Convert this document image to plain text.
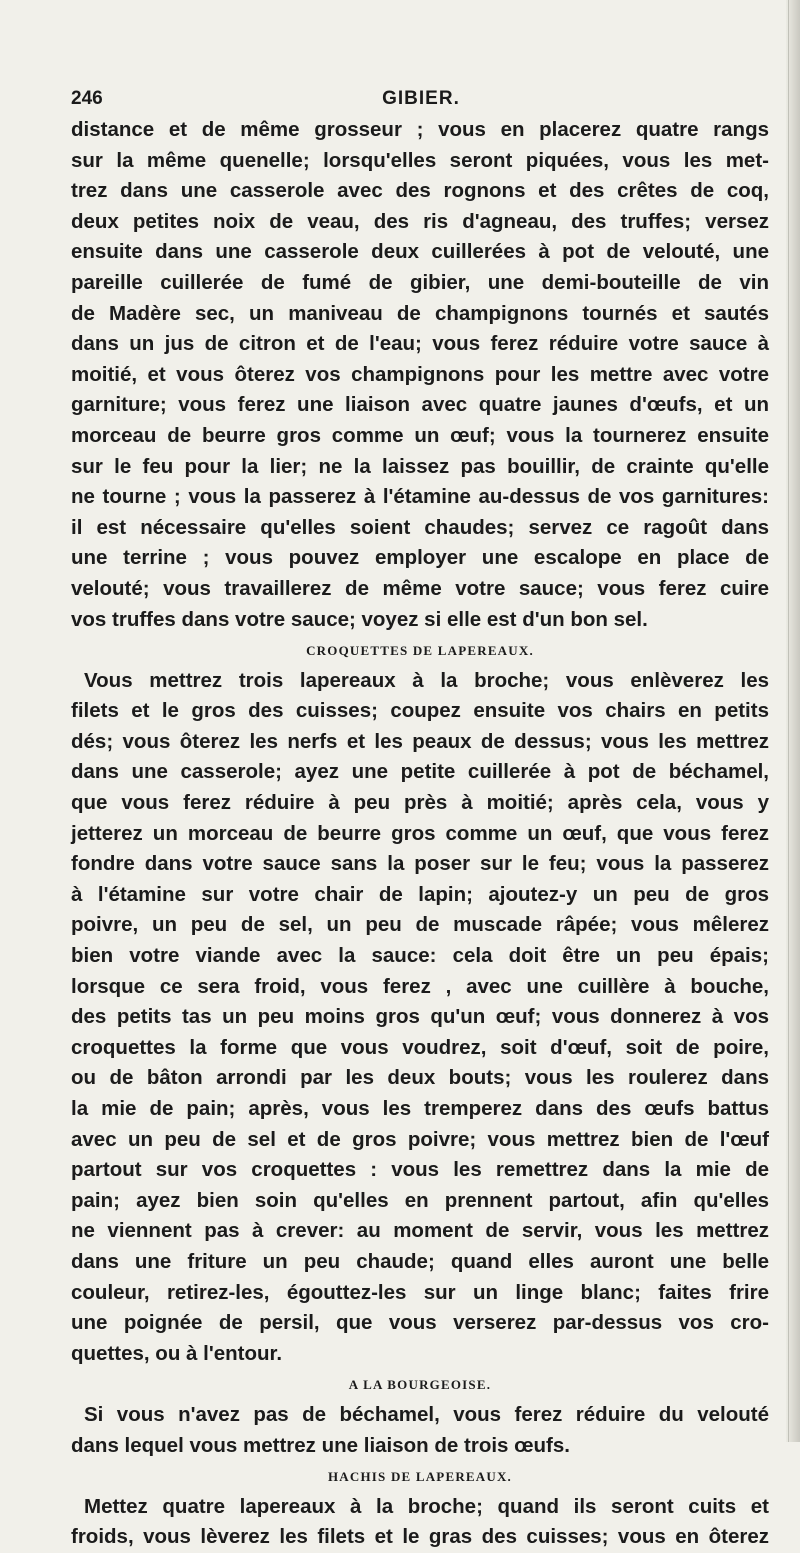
246	GIBIER.
distance et de même grosseur ; vous en placerez quatre rangs
sur la même quenelle; lorsqu'elles seront piquées, vous les met-
trez dans une casserole avec des rognons et des crêtes de coq,
deux petites noix de veau, des ris d'agneau, des truffes; versez
ensuite dans une casserole deux cuillerées à pot de velouté, une
pareille cuillerée de fumé de gibier, une demi-bouteille de vin
de Madère sec, un maniveau de champignons tournés et sautés
dans un jus de citron et de l'eau; vous ferez réduire votre sauce à
moitié, et vous ôterez vos champignons pour les mettre avec votre
garniture; vous ferez une liaison avec quatre jaunes d'œufs, et un
morceau de beurre gros comme un œuf; vous la tournerez ensuite
sur le feu pour la lier; ne la laissez pas bouillir, de crainte qu'elle
ne tourne ; vous la passerez à l'étamine au-dessus de vos garnitures:
il est nécessaire qu'elles soient chaudes; servez ce ragoût dans
une terrine ; vous pouvez employer une escalope en place de
velouté; vous travaillerez de même votre sauce; vous ferez cuire
vos truffes dans votre sauce; voyez si elle est d'un bon sel.
CROQUETTES DE LAPEREAUX.
Vous mettrez trois lapereaux à la broche; vous enlèverez les
filets et le gros des cuisses; coupez ensuite vos chairs en petits
dés; vous ôterez les nerfs et les peaux de dessus; vous les mettrez
dans une casserole; ayez une petite cuillerée à pot de béchamel,
que vous ferez réduire à peu près à moitié; après cela, vous y
jetterez un morceau de beurre gros comme un œuf, que vous ferez
fondre dans votre sauce sans la poser sur le feu; vous la passerez
à l'étamine sur votre chair de lapin; ajoutez-y un peu de gros
poivre, un peu de sel, un peu de muscade râpée; vous mêlerez
bien votre viande avec la sauce: cela doit être un peu épais;
lorsque ce sera froid, vous ferez , avec une cuillère à bouche,
des petits tas un peu moins gros qu'un œuf; vous donnerez à vos
croquettes la forme que vous voudrez, soit d'œuf, soit de poire,
ou de bâton arrondi par les deux bouts; vous les roulerez dans
la mie de pain; après, vous les tremperez dans des œufs battus
avec un peu de sel et de gros poivre; vous mettrez bien de l'œuf
partout sur vos croquettes : vous les remettrez dans la mie de
pain; ayez bien soin qu'elles en prennent partout, afin qu'elles
ne viennent pas à crever: au moment de servir, vous les mettrez
dans une friture un peu chaude; quand elles auront une belle
couleur, retirez-les, égouttez-les sur un linge blanc; faites frire
une poignée de persil, que vous verserez par-dessus vos cro-
quettes, ou à l'entour.
A LA BOURGEOISE.
Si vous n'avez pas de béchamel, vous ferez réduire du velouté
dans lequel vous mettrez une liaison de trois œufs.
HACHIS DE LAPEREAUX.
Mettez quatre lapereaux à la broche; quand ils seront cuits et
froids, vous lèverez les filets et le gras des cuisses; vous en ôterez
